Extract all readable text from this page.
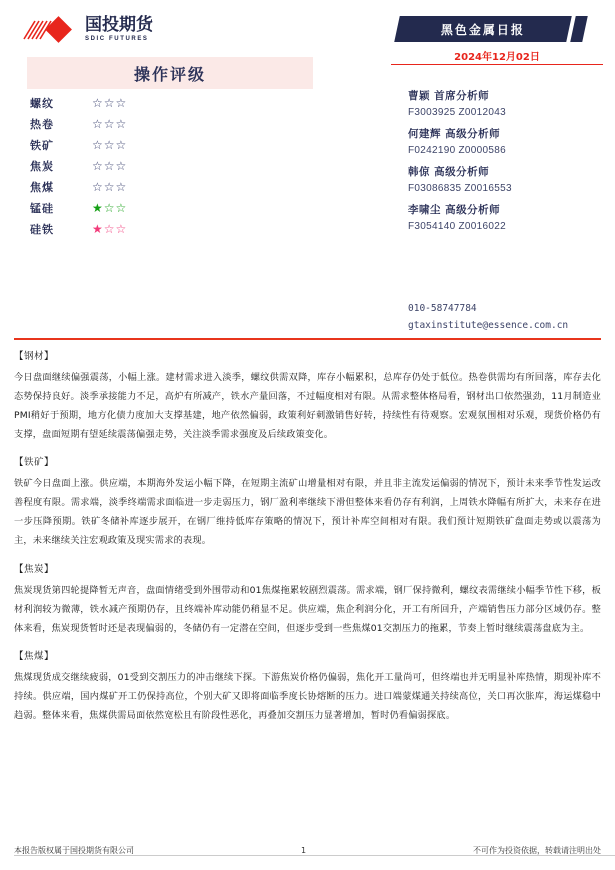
国投期货
SDIC FUTURES
操作评级
螺纹	☆☆☆
热卷	☆☆☆
铁矿	☆☆☆
焦炭	☆☆☆
焦煤	☆☆☆
锰硅	★☆☆
硅铁	★☆☆
黑色金属日报
2024年12月02日
曹颖 首席分析师
F3003925 Z0012043
何建辉 高级分析师
F0242190 Z0000586
韩倞 高级分析师
F03086835 Z0016553
李啸尘 高级分析师
F3054140 Z0016022
010-58747784
gtaxinstitute@essence.com.cn
【钢材】
今日盘面继续偏强震荡，小幅上涨。建材需求进入淡季，螺纹供需双降，库存小幅累积，总库存仍处于低位。热卷供需均有所回落，库存去化态势保持良好。淡季承接能力不足，高炉有所减产，铁水产量回落，不过幅度相对有限。从需求整体格局看，钢材出口依然强劲，11月制造业PMI稍好于预期，地方化债力度加大支撑基建，地产依然偏弱，政策利好刺激销售好转，持续性有待观察。宏观氛围相对乐观，现货价格仍有支撑，盘面短期有望延续震荡偏强走势，关注淡季需求强度及后续政策变化。
【铁矿】
铁矿今日盘面上涨。供应端，本期海外发运小幅下降，在短期主流矿山增量相对有限，并且非主流发运偏弱的情况下，预计未来季节性发运改善程度有限。需求端，淡季终端需求面临进一步走弱压力，钢厂盈利率继续下滑但整体来看仍存有利润，上周铁水降幅有所扩大，未来存在进一步压降预期。铁矿冬储补库逐步展开，在钢厂维持低库存策略的情况下，预计补库空间相对有限。我们预计短期铁矿盘面走势或以震荡为主，未来继续关注宏观政策及现实需求的表现。
【焦炭】
焦炭现货第四轮提降暂无声音，盘面情绪受到外围带动和01焦煤拖累较剧烈震荡。需求端，钢厂保持微利，螺纹表需继续小幅季节性下移，板材利润较为微薄，铁水减产预期仍存，且终端补库动能仍稍显不足。供应端，焦企利润分化，开工有所回升，产端销售压力部分区域仍存。整体来看，焦炭现货暂时还是表现偏弱的，冬储仍有一定潜在空间，但逐步受到一些焦煤01交割压力的拖累，节奏上暂时继续震荡盘底为主。
【焦煤】
焦煤现货成交继续疲弱，01受到交割压力的冲击继续下探。下游焦炭价格仍偏弱，焦化开工量尚可，但终端也并无明显补库热情，期现补库不持续。供应端，国内煤矿开工仍保持高位，个别大矿又即将面临季度长协熔断的压力。进口端蒙煤通关持续高位，关口再次胀库，海运煤稳中趋弱。整体来看，焦煤供需局面依然宽松且有阶段性恶化，再叠加交割压力显著增加，暂时仍看偏弱探底。
本报告版权属于国投期货有限公司	1	不可作为投资依据，转载请注明出处
